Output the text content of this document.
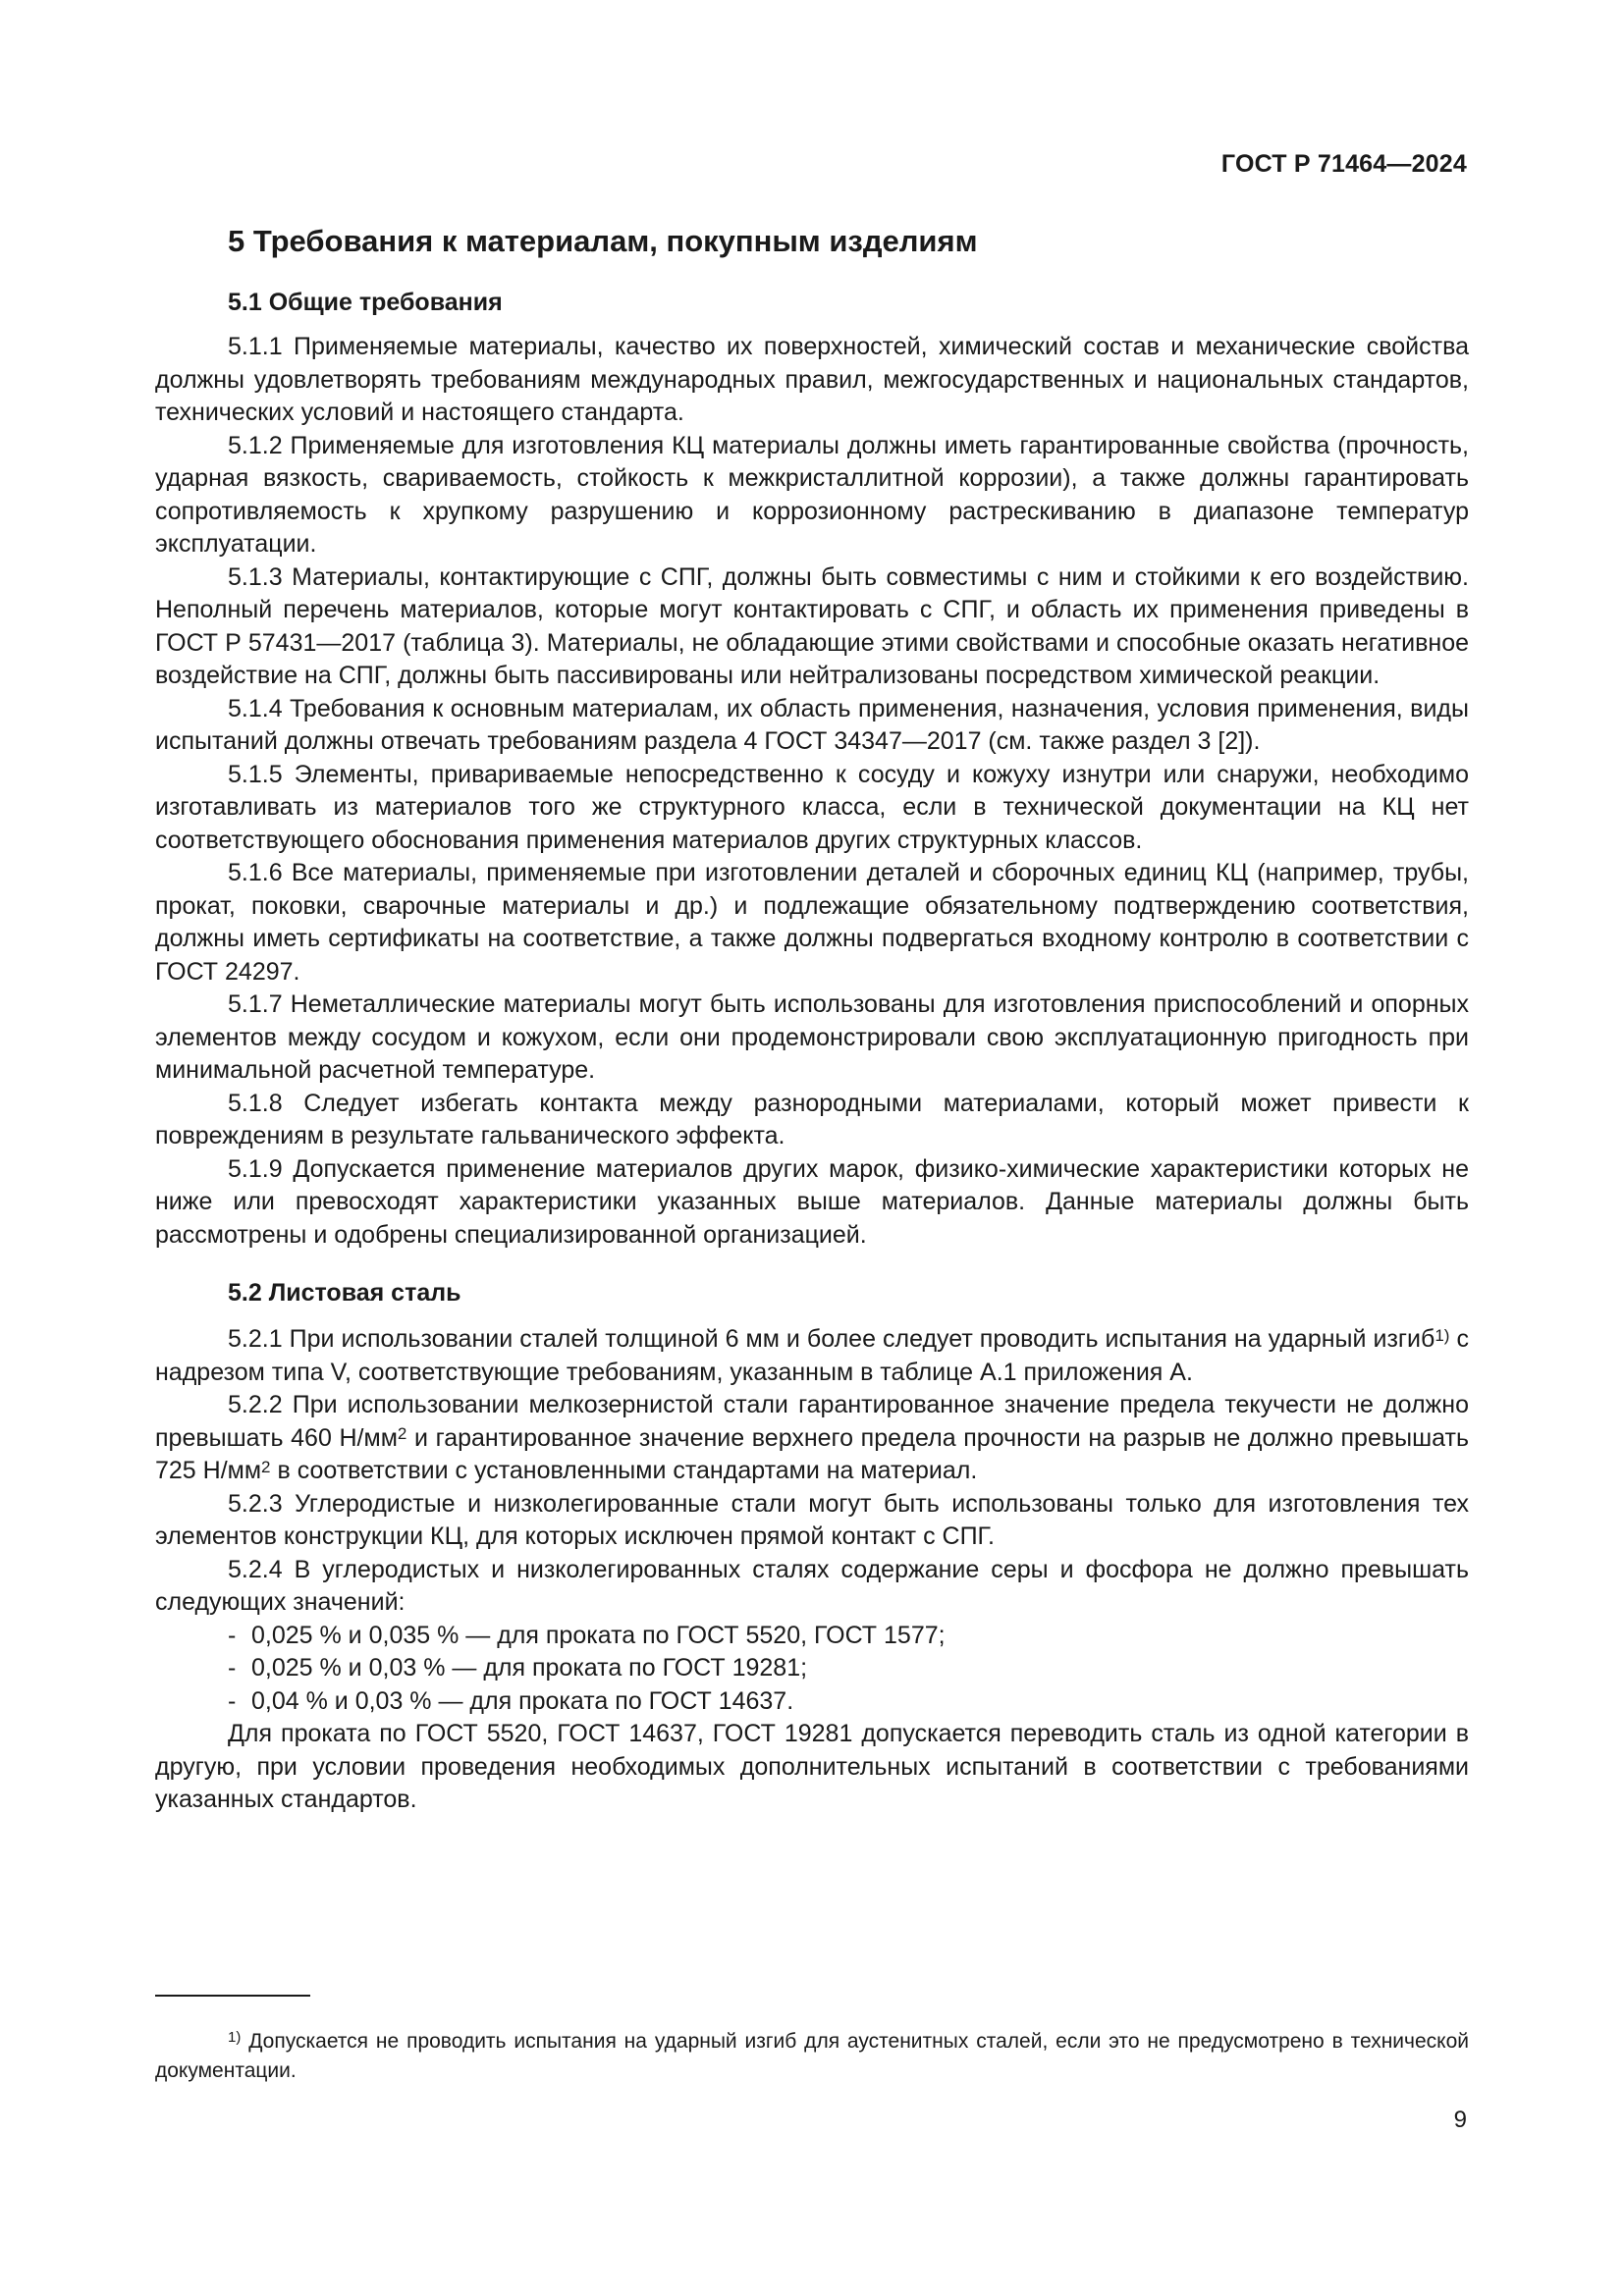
ГОСТ Р 71464—2024
5 Требования к материалам, покупным изделиям
5.1 Общие требования

5.1.1 Применяемые материалы, качество их поверхностей, химический состав и механические свойства должны удовлетворять требованиям международных правил, межгосударственных и национальных стандартов, технических условий и настоящего стандарта.

5.1.2 Применяемые для изготовления КЦ материалы должны иметь гарантированные свойства (прочность, ударная вязкость, свариваемость, стойкость к межкристаллитной коррозии), а также должны гарантировать сопротивляемость к хрупкому разрушению и коррозионному растрескиванию в диапазоне температур эксплуатации.

5.1.3 Материалы, контактирующие с СПГ, должны быть совместимы с ним и стойкими к его воздействию. Неполный перечень материалов, которые могут контактировать с СПГ, и область их применения приведены в ГОСТ Р 57431—2017 (таблица 3). Материалы, не обладающие этими свойствами и способные оказать негативное воздействие на СПГ, должны быть пассивированы или нейтрализованы посредством химической реакции.

5.1.4 Требования к основным материалам, их область применения, назначения, условия применения, виды испытаний должны отвечать требованиям раздела 4 ГОСТ 34347—2017 (см. также раздел 3 [2]).

5.1.5 Элементы, привариваемые непосредственно к сосуду и кожуху изнутри или снаружи, необходимо изготавливать из материалов того же структурного класса, если в технической документации на КЦ нет соответствующего обоснования применения материалов других структурных классов.

5.1.6 Все материалы, применяемые при изготовлении деталей и сборочных единиц КЦ (например, трубы, прокат, поковки, сварочные материалы и др.) и подлежащие обязательному подтверждению соответствия, должны иметь сертификаты на соответствие, а также должны подвергаться входному контролю в соответствии с ГОСТ 24297.

5.1.7 Неметаллические материалы могут быть использованы для изготовления приспособлений и опорных элементов между сосудом и кожухом, если они продемонстрировали свою эксплуатационную пригодность при минимальной расчетной температуре.

5.1.8 Следует избегать контакта между разнородными материалами, который может привести к повреждениям в результате гальванического эффекта.

5.1.9 Допускается применение материалов других марок, физико-химические характеристики которых не ниже или превосходят характеристики указанных выше материалов. Данные материалы должны быть рассмотрены и одобрены специализированной организацией.

5.2 Листовая сталь

5.2.1 При использовании сталей толщиной 6 мм и более следует проводить испытания на ударный изгиб$^{1)}$ с надрезом типа V, соответствующие требованиям, указанным в таблице А.1 приложения А.

5.2.2 При использовании мелкозернистой стали гарантированное значение предела текучести не должно превышать 460 $Н/мм^2$ и гарантированное значение верхнего предела прочности на разрыв не должно превышать 725 $Н/мм^2$ в соответствии с установленными стандартами на материал.

5.2.3 Углеродистые и низколегированные стали могут быть использованы только для изготовления тех элементов конструкции КЦ, для которых исключен прямой контакт с СПГ.

5.2.4 В углеродистых и низколегированных сталях содержание серы и фосфора не должно превышать следующих значений:

- 0,025 % и 0,035 % — для проката по ГОСТ 5520, ГОСТ 1577;
- 0,025 % и 0,03 % — для проката по ГОСТ 19281;
- 0,04 % и 0,03 % — для проката по ГОСТ 14637.

Для проката по ГОСТ 5520, ГОСТ 14637, ГОСТ 19281 допускается переводить сталь из одной категории в другую, при условии проведения необходимых дополнительных испытаний в соответствии с требованиями указанных стандартов.

$^{1)}$ Допускается не проводить испытания на ударный изгиб для аустенитных сталей, если это не предусмотрено в технической документации.

9
